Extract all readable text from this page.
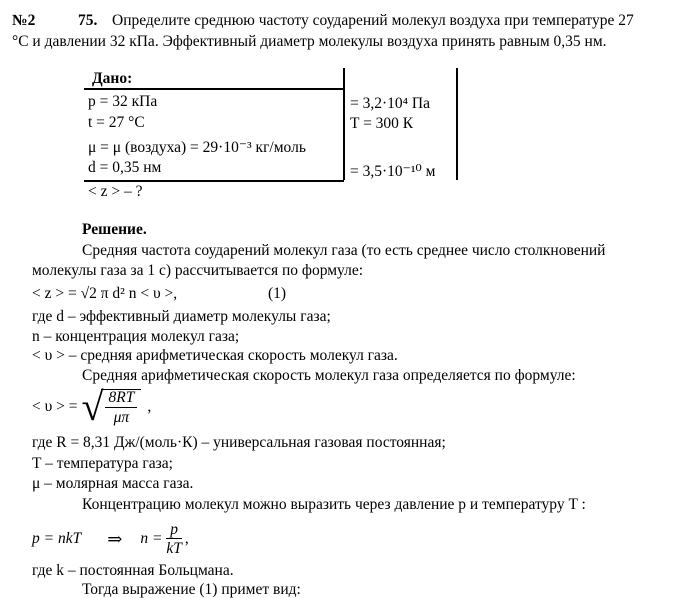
№2	75. Определите среднюю частоту соударений молекул воздуха при температуре 27
°С и давлении 32 кПа. Эффективный диаметр молекулы воздуха принять равным 0,35 нм.
Дано:
p = 32 кПа	= 3,2·10⁴ Па
t = 27 °C	T = 300 К
μ = μ (воздуха) = 29·10⁻³ кг/моль
d = 0,35 нм	= 3,5·10⁻¹⁰ м
< z > – ?
Решение.
Средняя частота соударений молекул газа (то есть среднее число столкновений
молекулы газа за 1 с) рассчитывается по формуле:
< z > = √2 π d² n < υ >,	(1)
где d – эффективный диаметр молекулы газа;
n – концентрация молекул газа;
< υ > – средняя арифметическая скорость молекул газа.
Средняя арифметическая скорость молекул газа определяется по формуле:
< υ > = √
$\frac{8RT}{\mu\pi}$ ,
где R = 8,31 Дж/(моль·К) – универсальная газовая постоянная;
T – температура газа;
μ – молярная масса газа.
Концентрацию молекул можно выразить через давление p и температуру T :
p = nkT ⇒ $n = \frac{p}{kT}$ ,
где k – постоянная Больцмана.
Тогда выражение (1) примет вид:
